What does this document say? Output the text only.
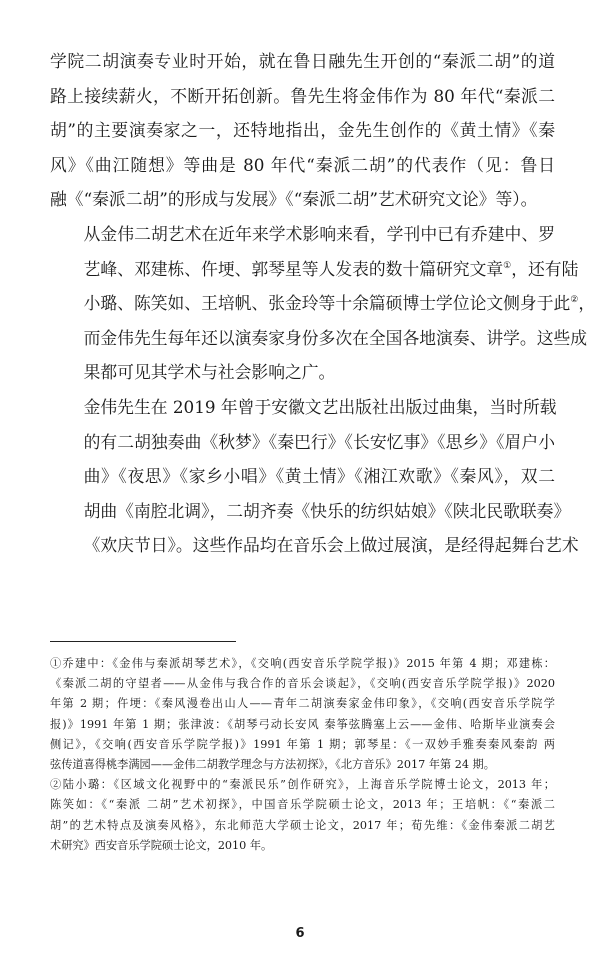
学院二胡演奏专业时开始，就在鲁日融先生开创的“秦派二胡”的道
路上接续薪火，不断开拓创新。鲁先生将金伟作为 80 年代“秦派二
胡”的主要演奏家之一，还特地指出，金先生创作的《黄土情》《秦
风》《曲江随想》等曲是 80 年代“秦派二胡”的代表作（见：鲁日
融《“秦派二胡”的形成与发展》《“秦派二胡”艺术研究文论》等）。

从金伟二胡艺术在近年来学术影响来看，学刊中已有乔建中、罗
艺峰、邓建栋、仵埂、郭琴星等人发表的数十篇研究文章①，还有陆
小璐、陈笑如、王培帆、张金玲等十余篇硕博士学位论文侧身于此②，
而金伟先生每年还以演奏家身份多次在全国各地演奏、讲学。这些成
果都可见其学术与社会影响之广。

金伟先生在 2019 年曾于安徽文艺出版社出版过曲集，当时所载
的有二胡独奏曲《秋梦》《秦巴行》《长安忆事》《思乡》《眉户小
曲》《夜思》《家乡小唱》《黄土情》《湘江欢歌》《秦风》，双二
胡曲《南腔北调》，二胡齐奏《快乐的纺织姑娘》《陕北民歌联奏》
《欢庆节日》。这些作品均在音乐会上做过展演，是经得起舞台艺术

①乔建中：《金伟与秦派胡琴艺术》，《交响(西安音乐学院学报)》2015 年第 4 期；邓建栋：
《秦派二胡的守望者——从金伟与我合作的音乐会谈起》，《交响(西安音乐学院学报)》2020
年第 2 期；仵埂：《秦风漫卷出山人——青年二胡演奏家金伟印象》，《交响(西安音乐学院学
报)》1991 年第 1 期；张津波：《胡琴弓动长安风 秦筝弦腾塞上云——金伟、哈斯毕业演奏会
侧记》，《交响(西安音乐学院学报)》1991 年第 1 期；郭琴星：《一双妙手雅奏秦风秦韵 两
弦传道喜得桃李满园——金伟二胡教学理念与方法初探》，《北方音乐》2017 年第 24 期。
②陆小璐：《区域文化视野中的“秦派民乐”创作研究》，上海音乐学院博士论文，2013 年；
陈笑如：《“秦派 二胡”艺术初探》，中国音乐学院硕士论文，2013 年；王培帆：《“秦派二
胡”的艺术特点及演奏风格》，东北师范大学硕士论文，2017 年；荀先维：《金伟秦派二胡艺
术研究》西安音乐学院硕士论文，2010 年。
6
